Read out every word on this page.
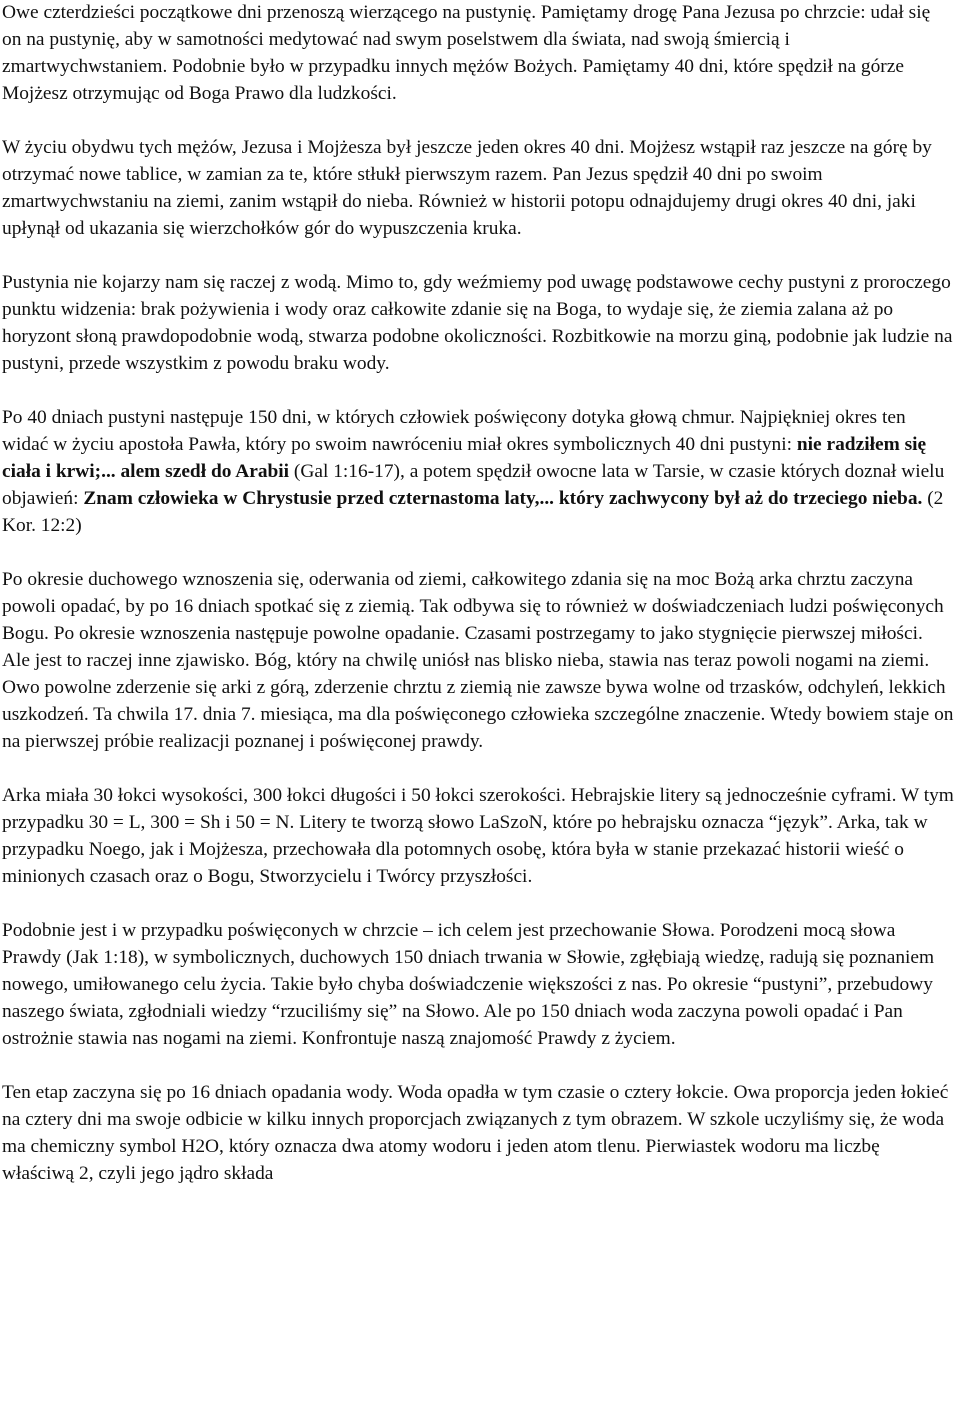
Owe czterdzieści początkowe dni przenoszą wierzącego na pustynię. Pamiętamy drogę Pana Jezusa po chrzcie: udał się on na pustynię, aby w samotności medytować nad swym poselstwem dla świata, nad swoją śmiercią i zmartwychwstaniem. Podobnie było w przypadku innych mężów Bożych. Pamiętamy 40 dni, które spędził na górze Mojżesz otrzymując od Boga Prawo dla ludzkości.

W życiu obydwu tych mężów, Jezusa i Mojżesza był jeszcze jeden okres 40 dni. Mojżesz wstąpił raz jeszcze na górę by otrzymać nowe tablice, w zamian za te, które stłukł pierwszym razem. Pan Jezus spędził 40 dni po swoim zmartwychwstaniu na ziemi, zanim wstąpił do nieba. Również w historii potopu odnajdujemy drugi okres 40 dni, jaki upłynął od ukazania się wierzchołków gór do wypuszczenia kruka.

Pustynia nie kojarzy nam się raczej z wodą. Mimo to, gdy weźmiemy pod uwagę podstawowe cechy pustyni z proroczego punktu widzenia: brak pożywienia i wody oraz całkowite zdanie się na Boga, to wydaje się, że ziemia zalana aż po horyzont słoną prawdopodobnie wodą, stwarza podobne okoliczności. Rozbitkowie na morzu giną, podobnie jak ludzie na pustyni, przede wszystkim z powodu braku wody.

Po 40 dniach pustyni następuje 150 dni, w których człowiek poświęcony dotyka głową chmur. Najpiękniej okres ten widać w życiu apostoła Pawła, który po swoim nawróceniu miał okres symbolicznych 40 dni pustyni: nie radziłem się ciała i krwi;... alem szedł do Arabii (Gal 1:16-17), a potem spędził owocne lata w Tarsie, w czasie których doznał wielu objawień: Znam człowieka w Chrystusie przed czternastoma laty,... który zachwycony był aż do trzeciego nieba. (2 Kor. 12:2)

Po okresie duchowego wznoszenia się, oderwania od ziemi, całkowitego zdania się na moc Bożą arka chrztu zaczyna powoli opadać, by po 16 dniach spotkać się z ziemią. Tak odbywa się to również w doświadczeniach ludzi poświęconych Bogu. Po okresie wznoszenia następuje powolne opadanie. Czasami postrzegamy to jako stygnięcie pierwszej miłości. Ale jest to raczej inne zjawisko. Bóg, który na chwilę uniósł nas blisko nieba, stawia nas teraz powoli nogami na ziemi. Owo powolne zderzenie się arki z górą, zderzenie chrztu z ziemią nie zawsze bywa wolne od trzasków, odchyleń, lekkich uszkodzeń. Ta chwila 17. dnia 7. miesiąca, ma dla poświęconego człowieka szczególne znaczenie. Wtedy bowiem staje on na pierwszej próbie realizacji poznanej i poświęconej prawdy.

Arka miała 30 łokci wysokości, 300 łokci długości i 50 łokci szerokości. Hebrajskie litery są jednocześnie cyframi. W tym przypadku 30 = L, 300 = Sh i 50 = N. Litery te tworzą słowo LaSzoN, które po hebrajsku oznacza “język”. Arka, tak w przypadku Noego, jak i Mojżesza, przechowała dla potomnych osobę, która była w stanie przekazać historii wieść o minionych czasach oraz o Bogu, Stworzycielu i Twórcy przyszłości.

Podobnie jest i w przypadku poświęconych w chrzcie – ich celem jest przechowanie Słowa. Porodzeni mocą słowa Prawdy (Jak 1:18), w symbolicznych, duchowych 150 dniach trwania w Słowie, zgłębiają wiedzę, radują się poznaniem nowego, umiłowanego celu życia. Takie było chyba doświadczenie większości z nas. Po okresie “pustyni”, przebudowy naszego świata, zgłodniali wiedzy “rzuciliśmy się” na Słowo. Ale po 150 dniach woda zaczyna powoli opadać i Pan ostrożnie stawia nas nogami na ziemi. Konfrontuje naszą znajomość Prawdy z życiem.

Ten etap zaczyna się po 16 dniach opadania wody. Woda opadła w tym czasie o cztery łokcie. Owa proporcja jeden łokieć na cztery dni ma swoje odbicie w kilku innych proporcjach związanych z tym obrazem. W szkole uczyliśmy się, że woda ma chemiczny symbol H2O, który oznacza dwa atomy wodoru i jeden atom tlenu. Pierwiastek wodoru ma liczbę właściwą 2, czyli jego jądro składa
